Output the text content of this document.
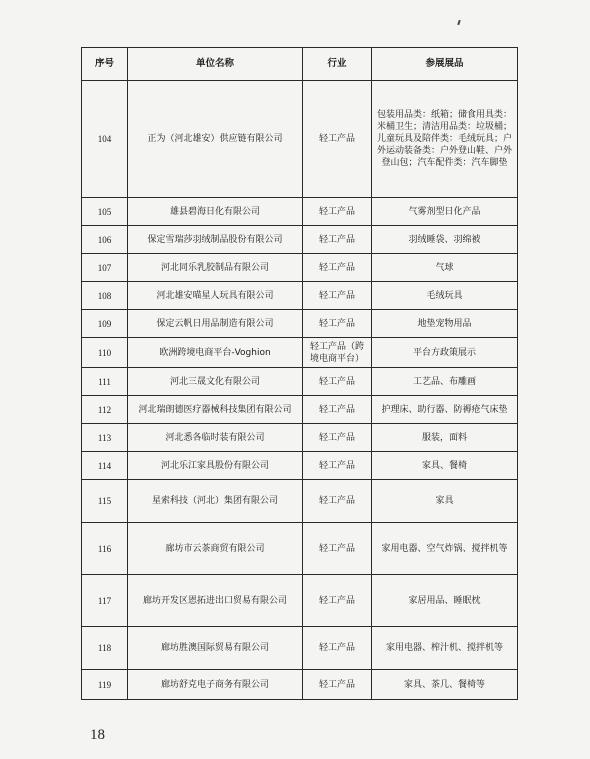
序号	单位名称	行业	参展展品
104	正为（河北雄安）供应链有限公司	轻工产品	包装用品类：纸箱；储食用具类：米桶卫生；清洁用品类：垃圾桶；儿童玩具及陪伴类：毛绒玩具；户外运动装备类：户外登山鞋、户外登山包；汽车配件类：汽车脚垫
105	雄县碧海日化有限公司	轻工产品	气雾剂型日化产品
106	保定雪瑞莎羽绒制品股份有限公司	轻工产品	羽绒睡袋、羽绵被
107	河北同乐乳胶制品有限公司	轻工产品	气球
108	河北雄安喵星人玩具有限公司	轻工产品	毛绒玩具
109	保定云帆日用品制造有限公司	轻工产品	地垫宠物用品
110	欧洲跨境电商平台-Voghion	轻工产品（跨境电商平台）	平台方政策展示
111	河北三晟文化有限公司	轻工产品	工艺品、布雕画
112	河北瑞朗德医疗器械科技集团有限公司	轻工产品	护理床、助行器、防褥疮气床垫
113	河北悉各临时装有限公司	轻工产品	服装，面料
114	河北乐江家具股份有限公司	轻工产品	家具、餐椅
115	星索科技（河北）集团有限公司	轻工产品	家具
116	廊坊市云茶商贸有限公司	轻工产品	家用电器、空气炸锅、搅拌机等
117	廊坊开发区恩拓进出口贸易有限公司	轻工产品	家居用品、睡眠枕
118	廊坊胜澳国际贸易有限公司	轻工产品	家用电器、榨汁机、搅拌机等
119	廊坊舒克电子商务有限公司	轻工产品	家具、茶几、餐椅等
18
